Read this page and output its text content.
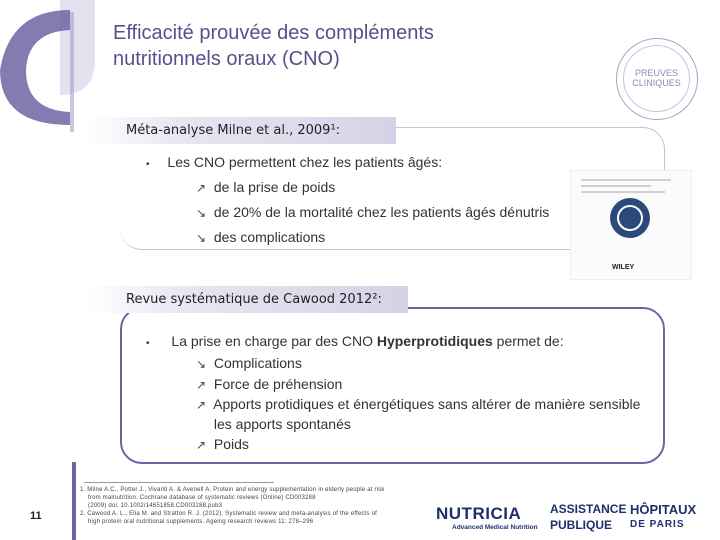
Efficacité prouvée des compléments
nutritionnels oraux (CNO)
PREUVES
CLINIQUES
Méta-analyse Milne et al., 2009¹:
• Les CNO permettent chez les patients âgés:
↗ de la prise de poids
↘ de 20% de la mortalité chez les patients âgés dénutris
↘ des complications
WILEY
Revue systématique de Cawood 2012²:
• La prise en charge par des CNO Hyperprotidiques permet de:
↘ Complications
↗ Force de préhension
↗ Apports protidiques et énergétiques sans altérer de manière sensible
les apports spontanés
↗ Poids
11
1. Milne A.C., Potter J., Vivanti A. & Avenell A. Protein and energy supplementation in elderly people at risk
from malnutrition. Cochrane database of systematic reviews (Online) CD003288
(2009) doi: 10.1002/14651858.CD003288.pub3
2. Cawood A. L., Elia M. and Stratton R. J. (2012). Systematic review and meta-analysis of the effects of
high protein oral nutritional supplements. Ageing research reviews 11: 278–296	NUTRICIA
Advanced Medical Nutrition
ASSISTANCE
PUBLIQUE
HÔPITAUX
DE PARIS
